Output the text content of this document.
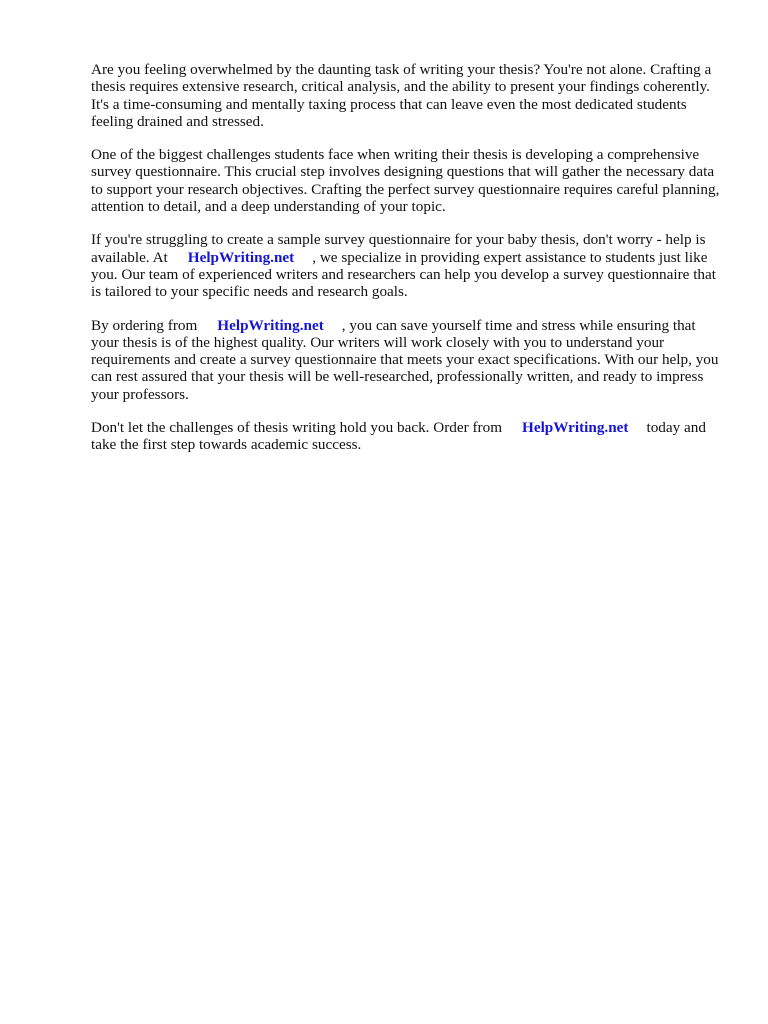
Are you feeling overwhelmed by the daunting task of writing your thesis? You're not alone. Crafting a thesis requires extensive research, critical analysis, and the ability to present your findings coherently. It's a time-consuming and mentally taxing process that can leave even the most dedicated students feeling drained and stressed.

One of the biggest challenges students face when writing their thesis is developing a comprehensive survey questionnaire. This crucial step involves designing questions that will gather the necessary data to support your research objectives. Crafting the perfect survey questionnaire requires careful planning, attention to detail, and a deep understanding of your topic.

If you're struggling to create a sample survey questionnaire for your baby thesis, don't worry - help is available. At HelpWriting.net , we specialize in providing expert assistance to students just like you. Our team of experienced writers and researchers can help you develop a survey questionnaire that is tailored to your specific needs and research goals.

By ordering from HelpWriting.net , you can save yourself time and stress while ensuring that your thesis is of the highest quality. Our writers will work closely with you to understand your requirements and create a survey questionnaire that meets your exact specifications. With our help, you can rest assured that your thesis will be well-researched, professionally written, and ready to impress your professors.

Don't let the challenges of thesis writing hold you back. Order from HelpWriting.net today and take the first step towards academic success.
